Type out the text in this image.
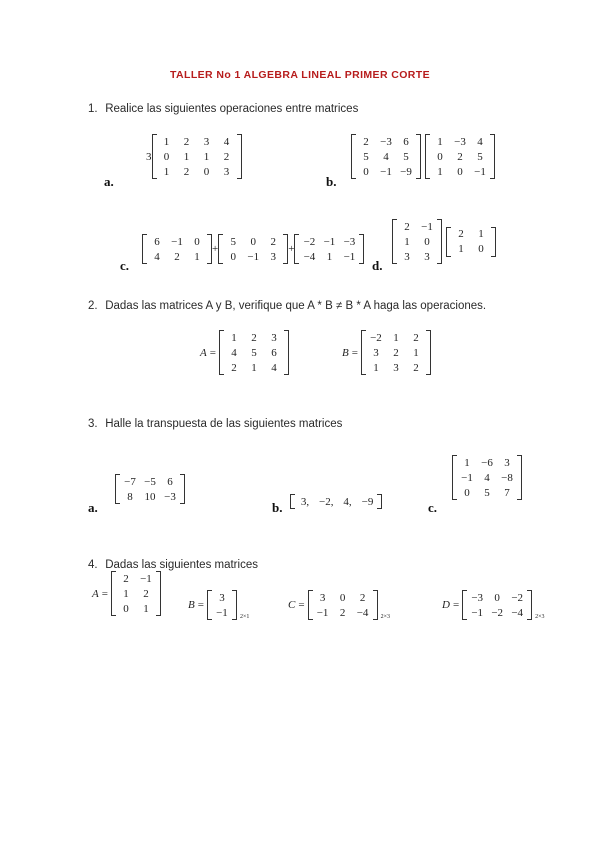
TALLER No 1 ALGEBRA LINEAL PRIMER CORTE
1. Realice las siguientes operaciones entre matrices
a.
3
1	2	3	4
0	1	1	2
1	2	0	3
b.
2	−3	6
5	4	5
0	−1	−9
1	−3	4
0	2	5
1	0	−1
c.
6	−1	0
4	2	1
+
5	0	2
0	−1	3
+
−2	−1	−3
−4	1	−1
d.
2	−1
1	0
3	3
2	1
1	0
2. Dadas las matrices A y B, verifique que A * B ≠ B * A haga las operaciones.
A =
1	2	3
4	5	6
2	1	4
B =
−2	1	2
3	2	1
1	3	2
3. Halle la transpuesta de las siguientes matrices
a.
−7	−5	6
8	10	−3
b. 3,	−2,	4,	−9	c.
1	−6	3
−1	4	−8
0	5	7
4. Dadas las siguientes matrices
A =
2	−1
1	2
0	1	B =
3
−1 2×1
C =
3	0	2
−1	2	−4 2×3
D =
−3	0	−2
−1	−2	−4 2×3
